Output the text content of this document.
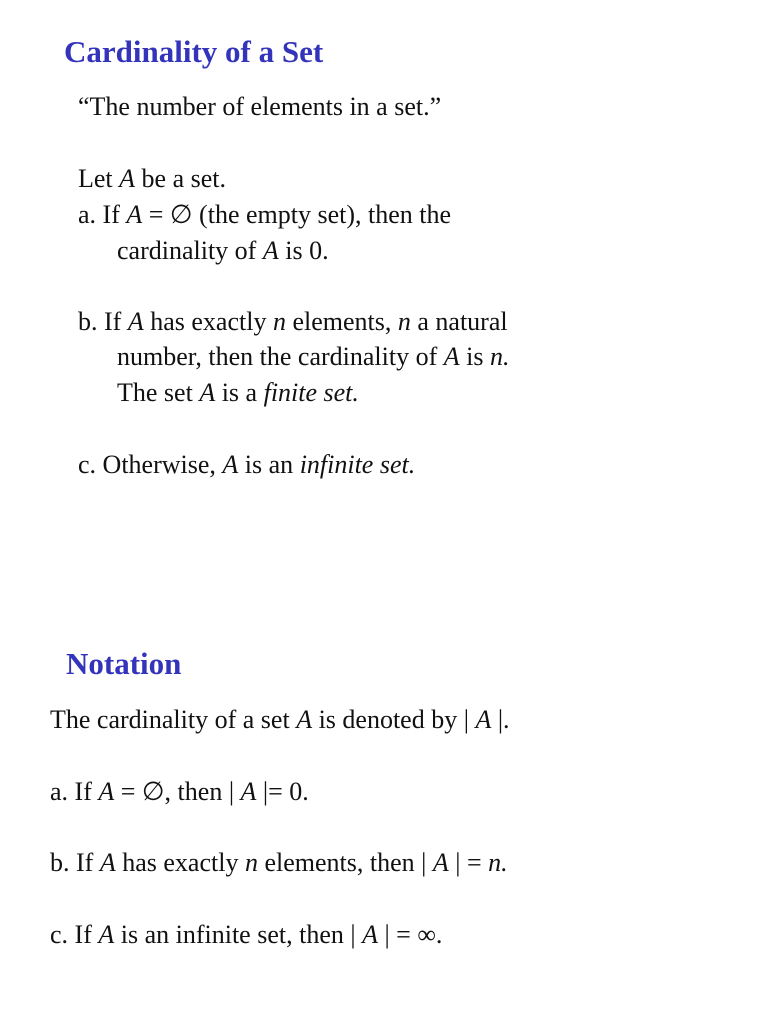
Cardinality of a Set
“The number of elements in a set.”
Let A be a set.
a. If A = ∅ (the empty set), then the
cardinality of A is 0.
b. If A has exactly n elements, n a natural
number, then the cardinality of A is n.
The set A is a finite set.
c. Otherwise, A is an infinite set.
Notation
The cardinality of a set A is denoted by | A |.
a. If A = ∅, then | A |= 0.
b. If A has exactly n elements, then | A | = n.
c. If A is an infinite set, then | A | = ∞.
